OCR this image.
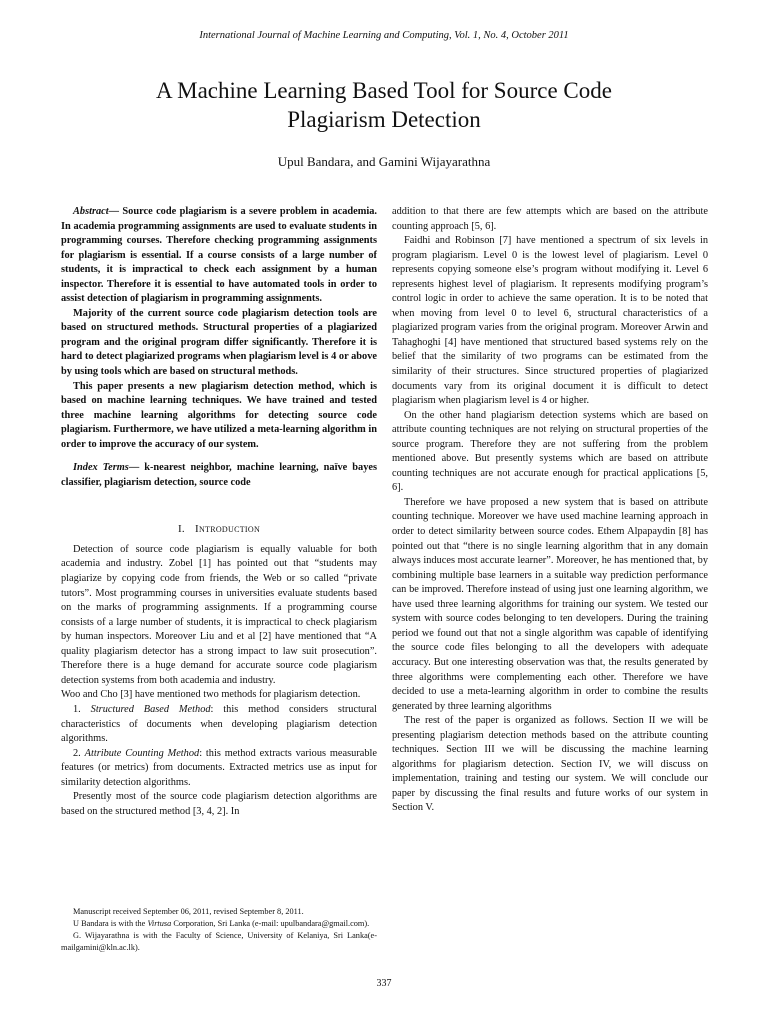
International Journal of Machine Learning and Computing, Vol. 1, No. 4, October 2011
A Machine Learning Based Tool for Source Code
Plagiarism Detection
Upul Bandara, and Gamini Wijayarathna

Abstract— Source code plagiarism is a severe problem in academia. In academia programming assignments are used to evaluate students in programming courses. Therefore checking programming assignments for plagiarism is essential. If a course consists of a large number of students, it is impractical to check each assignment by a human inspector. Therefore it is essential to have automated tools in order to assist detection of plagiarism in programming assignments.

Majority of the current source code plagiarism detection tools are based on structured methods. Structural properties of a plagiarized program and the original program differ significantly. Therefore it is hard to detect plagiarized programs when plagiarism level is 4 or above by using tools which are based on structural methods.

This paper presents a new plagiarism detection method, which is based on machine learning techniques. We have trained and tested three machine learning algorithms for detecting source code plagiarism. Furthermore, we have utilized a meta-learning algorithm in order to improve the accuracy of our system.

Index Terms— k-nearest neighbor, machine learning, naïve bayes classifier, plagiarism detection, source code

I. Introduction

Detection of source code plagiarism is equally valuable for both academia and industry. Zobel [1] has pointed out that “students may plagiarize by copying code from friends, the Web or so called “private tutors”. Most programming courses in universities evaluate students based on the marks of programming assignments. If a programming course consists of a large number of students, it is impractical to check plagiarism by human inspectors. Moreover Liu and et al [2] have mentioned that “A quality plagiarism detector has a strong impact to law suit prosecution”. Therefore there is a huge demand for accurate source code plagiarism detection systems from both academia and industry.

Woo and Cho [3] have mentioned two methods for plagiarism detection.

1. Structured Based Method: this method considers structural characteristics of documents when developing plagiarism detection algorithms.

2. Attribute Counting Method: this method extracts various measurable features (or metrics) from documents. Extracted metrics use as input for similarity detection algorithms.

Presently most of the source code plagiarism detection algorithms are based on the structured method [3, 4, 2]. In

addition to that there are few attempts which are based on the attribute counting approach [5, 6].

Faidhi and Robinson [7] have mentioned a spectrum of six levels in program plagiarism. Level 0 is the lowest level of plagiarism. Level 0 represents copying someone else’s program without modifying it. Level 6 represents highest level of plagiarism. It represents modifying program’s control logic in order to achieve the same operation. It is to be noted that when moving from level 0 to level 6, structural characteristics of a plagiarized program varies from the original program. Moreover Arwin and Tahaghoghi [4] have mentioned that structured based systems rely on the belief that the similarity of two programs can be estimated from the similarity of their structures. Since structured properties of plagiarized documents vary from its original document it is difficult to detect plagiarism when plagiarism level is 4 or higher.

On the other hand plagiarism detection systems which are based on attribute counting techniques are not relying on structural properties of the source program. Therefore they are not suffering from the problem mentioned above. But presently systems which are based on attribute counting techniques are not accurate enough for practical applications [5, 6].

Therefore we have proposed a new system that is based on attribute counting technique. Moreover we have used machine learning approach in order to detect similarity between source codes. Ethem Alpapaydin [8] has pointed out that “there is no single learning algorithm that in any domain always induces most accurate learner”. Moreover, he has mentioned that, by combining multiple base learners in a suitable way prediction performance can be improved. Therefore instead of using just one learning algorithm, we have used three learning algorithms for training our system. We tested our system with source codes belonging to ten developers. During the training period we found out that not a single algorithm was capable of identifying the source code files belonging to all the developers with adequate accuracy. But one interesting observation was that, the results generated by three algorithms were complementing each other. Therefore we have decided to use a meta-learning algorithm in order to combine the results generated by three learning algorithms

The rest of the paper is organized as follows. Section II we will be presenting plagiarism detection methods based on the attribute counting techniques. Section III we will be discussing the machine learning algorithms for plagiarism detection. Section IV, we will discuss on implementation, training and testing our system. We will conclude our paper by discussing the final results and future works of our system in Section V.

Manuscript received September 06, 2011, revised September 8, 2011.

U Bandara is with the Virtusa Corporation, Sri Lanka (e-mail: upulbandara@gmail.com).

G. Wijayarathna is with the Faculty of Science, University of Kelaniya, Sri Lanka(e-mailgamini@kln.ac.lk).

337
